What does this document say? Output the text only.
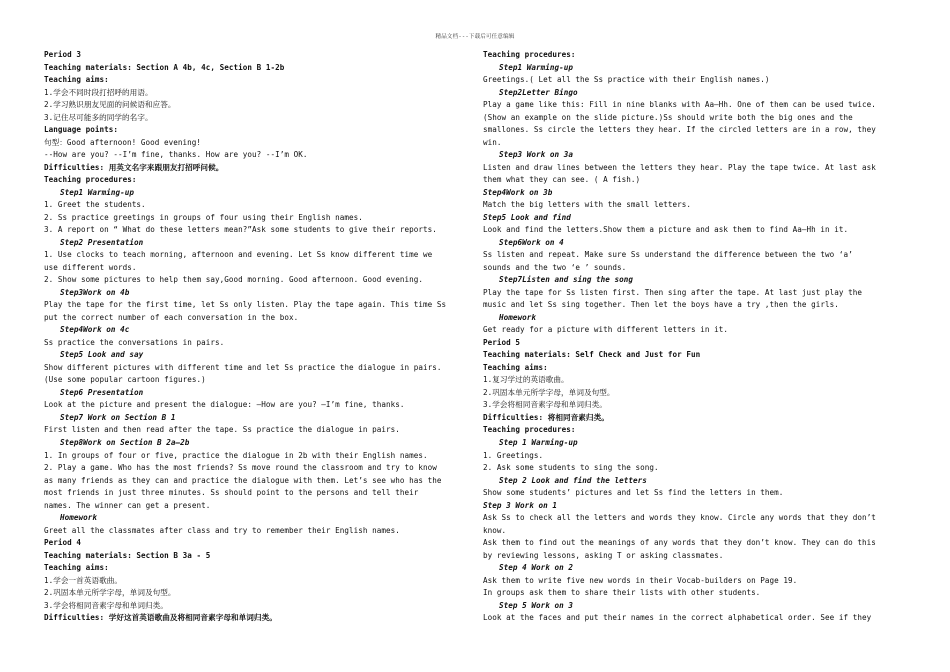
精品文档---下载后可任意编辑
Period 3
Teaching materials: Section A 4b, 4c, Section B 1-2b
Teaching aims:
1.学会不同时段打招呼的用语。
2.学习熟识朋友见面的问候语和应答。
3.记住尽可能多的同学的名字。
Language points:
句型：Good afternoon! Good evening!
--How are you? --I’m fine, thanks. How are you? --I’m OK.
Difficulties: 用英文名字来跟朋友打招呼问候。
Teaching procedures:
Step1 Warming-up
1. Greet the students.
2. Ss practice greetings in groups of four using their English names.
3. A report on “ What do these letters mean?”Ask some students to give their reports.
Step2 Presentation
1. Use clocks to teach morning, afternoon and evening. Let Ss know different time we
use different words.
2. Show some pictures to help them say,Good morning. Good afternoon. Good evening.
Step3Work on 4b
Play the tape for the first time, let Ss only listen. Play the tape again. This time Ss
put the correct number of each conversation in the box.
Step4Work on 4c
Ss practice the conversations in pairs.
Step5 Look and say
Show different pictures with different time and let Ss practice the dialogue in pairs.
(Use some popular cartoon figures.)
Step6 Presentation
Look at the picture and present the dialogue: —How are you? —I’m fine, thanks.
Step7 Work on Section B 1
First listen and then read after the tape. Ss practice the dialogue in pairs.
Step8Work on Section B 2a—2b
1. In groups of four or five, practice the dialogue in 2b with their English names.
2. Play a game. Who has the most friends? Ss move round the classroom and try to know
as many friends as they can and practice the dialogue with them. Let’s see who has the
most friends in just three minutes. Ss should point to the persons and tell their
names. The winner can get a present.
Homework
Greet all the classmates after class and try to remember their English names.
Period 4
Teaching materials: Section B 3a - 5
Teaching aims:
1.学会一首英语歌曲。
2.巩固本单元所学字母，单词及句型。
3.学会将相同音素字母和单词归类。
Difficulties: 学好这首英语歌曲及将相同音素字母和单词归类。
Teaching procedures:
Step1 Warming-up
Greetings.( Let all the Ss practice with their English names.)
Step2Letter Bingo
Play a game like this: Fill in nine blanks with Aa—Hh. One of them can be used twice.
(Show an example on the slide picture.)Ss should write both the big ones and the
smallones. Ss circle the letters they hear. If the circled letters are in a row, they
win.
Step3 Work on 3a
Listen and draw lines between the letters they hear. Play the tape twice. At last ask
them what they can see. ( A fish.)
Step4Work on 3b
Match the big letters with the small letters.
Step5 Look and find
Look and find the letters.Show them a picture and ask them to find Aa—Hh in it.
Step6Work on 4
Ss listen and repeat. Make sure Ss understand the difference between the two ‘a’
sounds and the two ‘e ’ sounds.
Step7Listen and sing the song
Play the tape for Ss listen first. Then sing after the tape. At last just play the
music and let Ss sing together. Then let the boys have a try ,then the girls.
Homework
Get ready for a picture with different letters in it.
Period 5
Teaching materials: Self Check and Just for Fun
Teaching aims:
1.复习学过的英语歌曲。
2.巩固本单元所学字母，单词及句型。
3.学会将相同音素字母和单词归类。
Difficulties: 将相同音素归类。
Teaching procedures:
Step 1 Warming-up
1. Greetings.
2. Ask some students to sing the song.
Step 2 Look and find the letters
Show some students’ pictures and let Ss find the letters in them.
Step 3 Work on 1
Ask Ss to check all the letters and words they know. Circle any words that they don’t
know.
Ask them to find out the meanings of any words that they don’t know. They can do this
by reviewing lessons, asking T or asking classmates.
Step 4 Work on 2
Ask them to write five new words in their Vocab-builders on Page 19.
In groups ask them to share their lists with other students.
Step 5 Work on 3
Look at the faces and put their names in the correct alphabetical order. See if they
